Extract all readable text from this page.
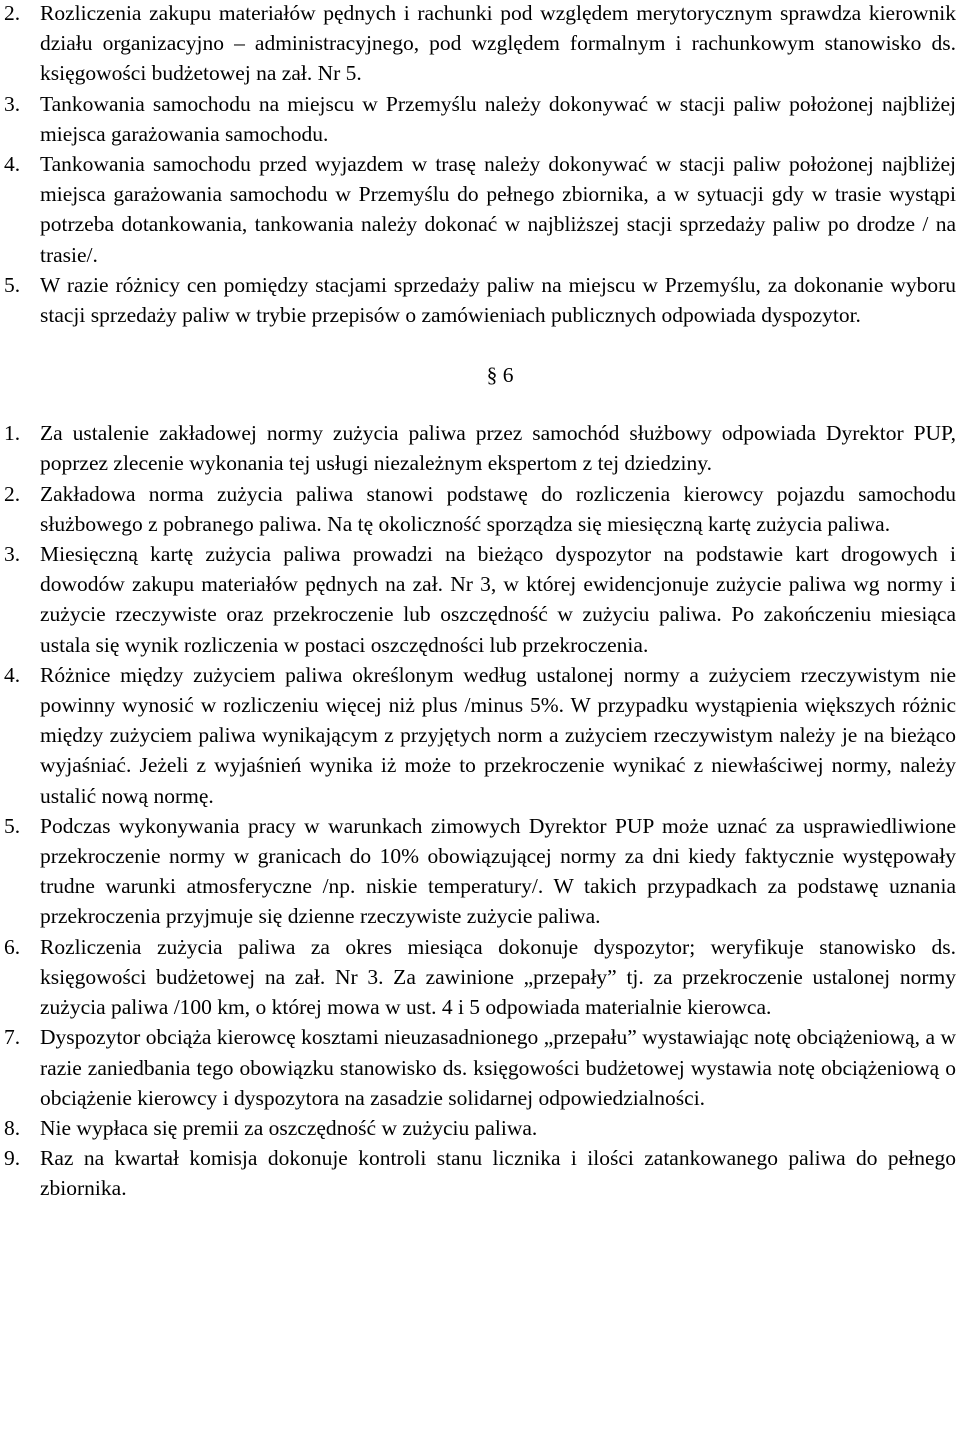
2. Rozliczenia zakupu materiałów pędnych i rachunki pod względem merytorycznym sprawdza kierownik działu organizacyjno – administracyjnego, pod względem formalnym i rachunkowym stanowisko ds. księgowości budżetowej na zał. Nr 5.
3. Tankowania samochodu na miejscu w Przemyślu należy dokonywać w stacji paliw położonej najbliżej miejsca garażowania samochodu.
4. Tankowania samochodu przed wyjazdem w trasę należy dokonywać w stacji paliw położonej najbliżej miejsca garażowania samochodu w Przemyślu do pełnego zbiornika, a w sytuacji gdy w trasie wystąpi potrzeba dotankowania, tankowania należy dokonać w najbliższej stacji sprzedaży paliw po drodze / na trasie/.
5. W razie różnicy cen pomiędzy stacjami sprzedaży paliw na miejscu w Przemyślu, za dokonanie wyboru stacji sprzedaży paliw w trybie przepisów o zamówieniach publicznych odpowiada dyspozytor.
§ 6
1. Za ustalenie zakładowej normy zużycia paliwa przez samochód służbowy odpowiada Dyrektor PUP, poprzez zlecenie wykonania tej usługi niezależnym ekspertom z tej dziedziny.
2. Zakładowa norma zużycia paliwa stanowi podstawę do rozliczenia kierowcy pojazdu samochodu służbowego z pobranego paliwa. Na tę okoliczność sporządza się miesięczną kartę zużycia paliwa.
3. Miesięczną kartę zużycia paliwa prowadzi na bieżąco dyspozytor na podstawie kart drogowych i dowodów zakupu materiałów pędnych na zał. Nr 3, w której ewidencjonuje zużycie paliwa wg normy i zużycie rzeczywiste oraz przekroczenie lub oszczędność w zużyciu paliwa. Po zakończeniu miesiąca ustala się wynik rozliczenia w postaci oszczędności lub przekroczenia.
4. Różnice między zużyciem paliwa określonym według ustalonej normy a zużyciem rzeczywistym nie powinny wynosić w rozliczeniu więcej niż plus /minus 5%. W przypadku wystąpienia większych różnic między zużyciem paliwa wynikającym z przyjętych norm a zużyciem rzeczywistym należy je na bieżąco wyjaśniać. Jeżeli z wyjaśnień wynika iż może to przekroczenie wynikać z niewłaściwej normy, należy ustalić nową normę.
5. Podczas wykonywania pracy w warunkach zimowych Dyrektor PUP może uznać za usprawiedliwione przekroczenie normy w granicach do 10% obowiązującej normy za dni kiedy faktycznie występowały trudne warunki atmosferyczne /np. niskie temperatury/. W takich przypadkach za podstawę uznania przekroczenia przyjmuje się dzienne rzeczywiste zużycie paliwa.
6. Rozliczenia zużycia paliwa za okres miesiąca dokonuje dyspozytor; weryfikuje stanowisko ds. księgowości budżetowej na zał. Nr 3. Za zawinione „przepały” tj. za przekroczenie ustalonej normy zużycia paliwa /100 km, o której mowa w ust. 4 i 5 odpowiada materialnie kierowca.
7. Dyspozytor obciąża kierowcę kosztami nieuzasadnionego „przepału” wystawiając notę obciążeniową, a w razie zaniedbania tego obowiązku stanowisko ds. księgowości budżetowej wystawia notę obciążeniową o obciążenie kierowcy i dyspozytora na zasadzie solidarnej odpowiedzialności.
8. Nie wypłaca się premii za oszczędność w zużyciu paliwa.
9. Raz na kwartał komisja dokonuje kontroli stanu licznika i ilości zatankowanego paliwa do pełnego zbiornika.
